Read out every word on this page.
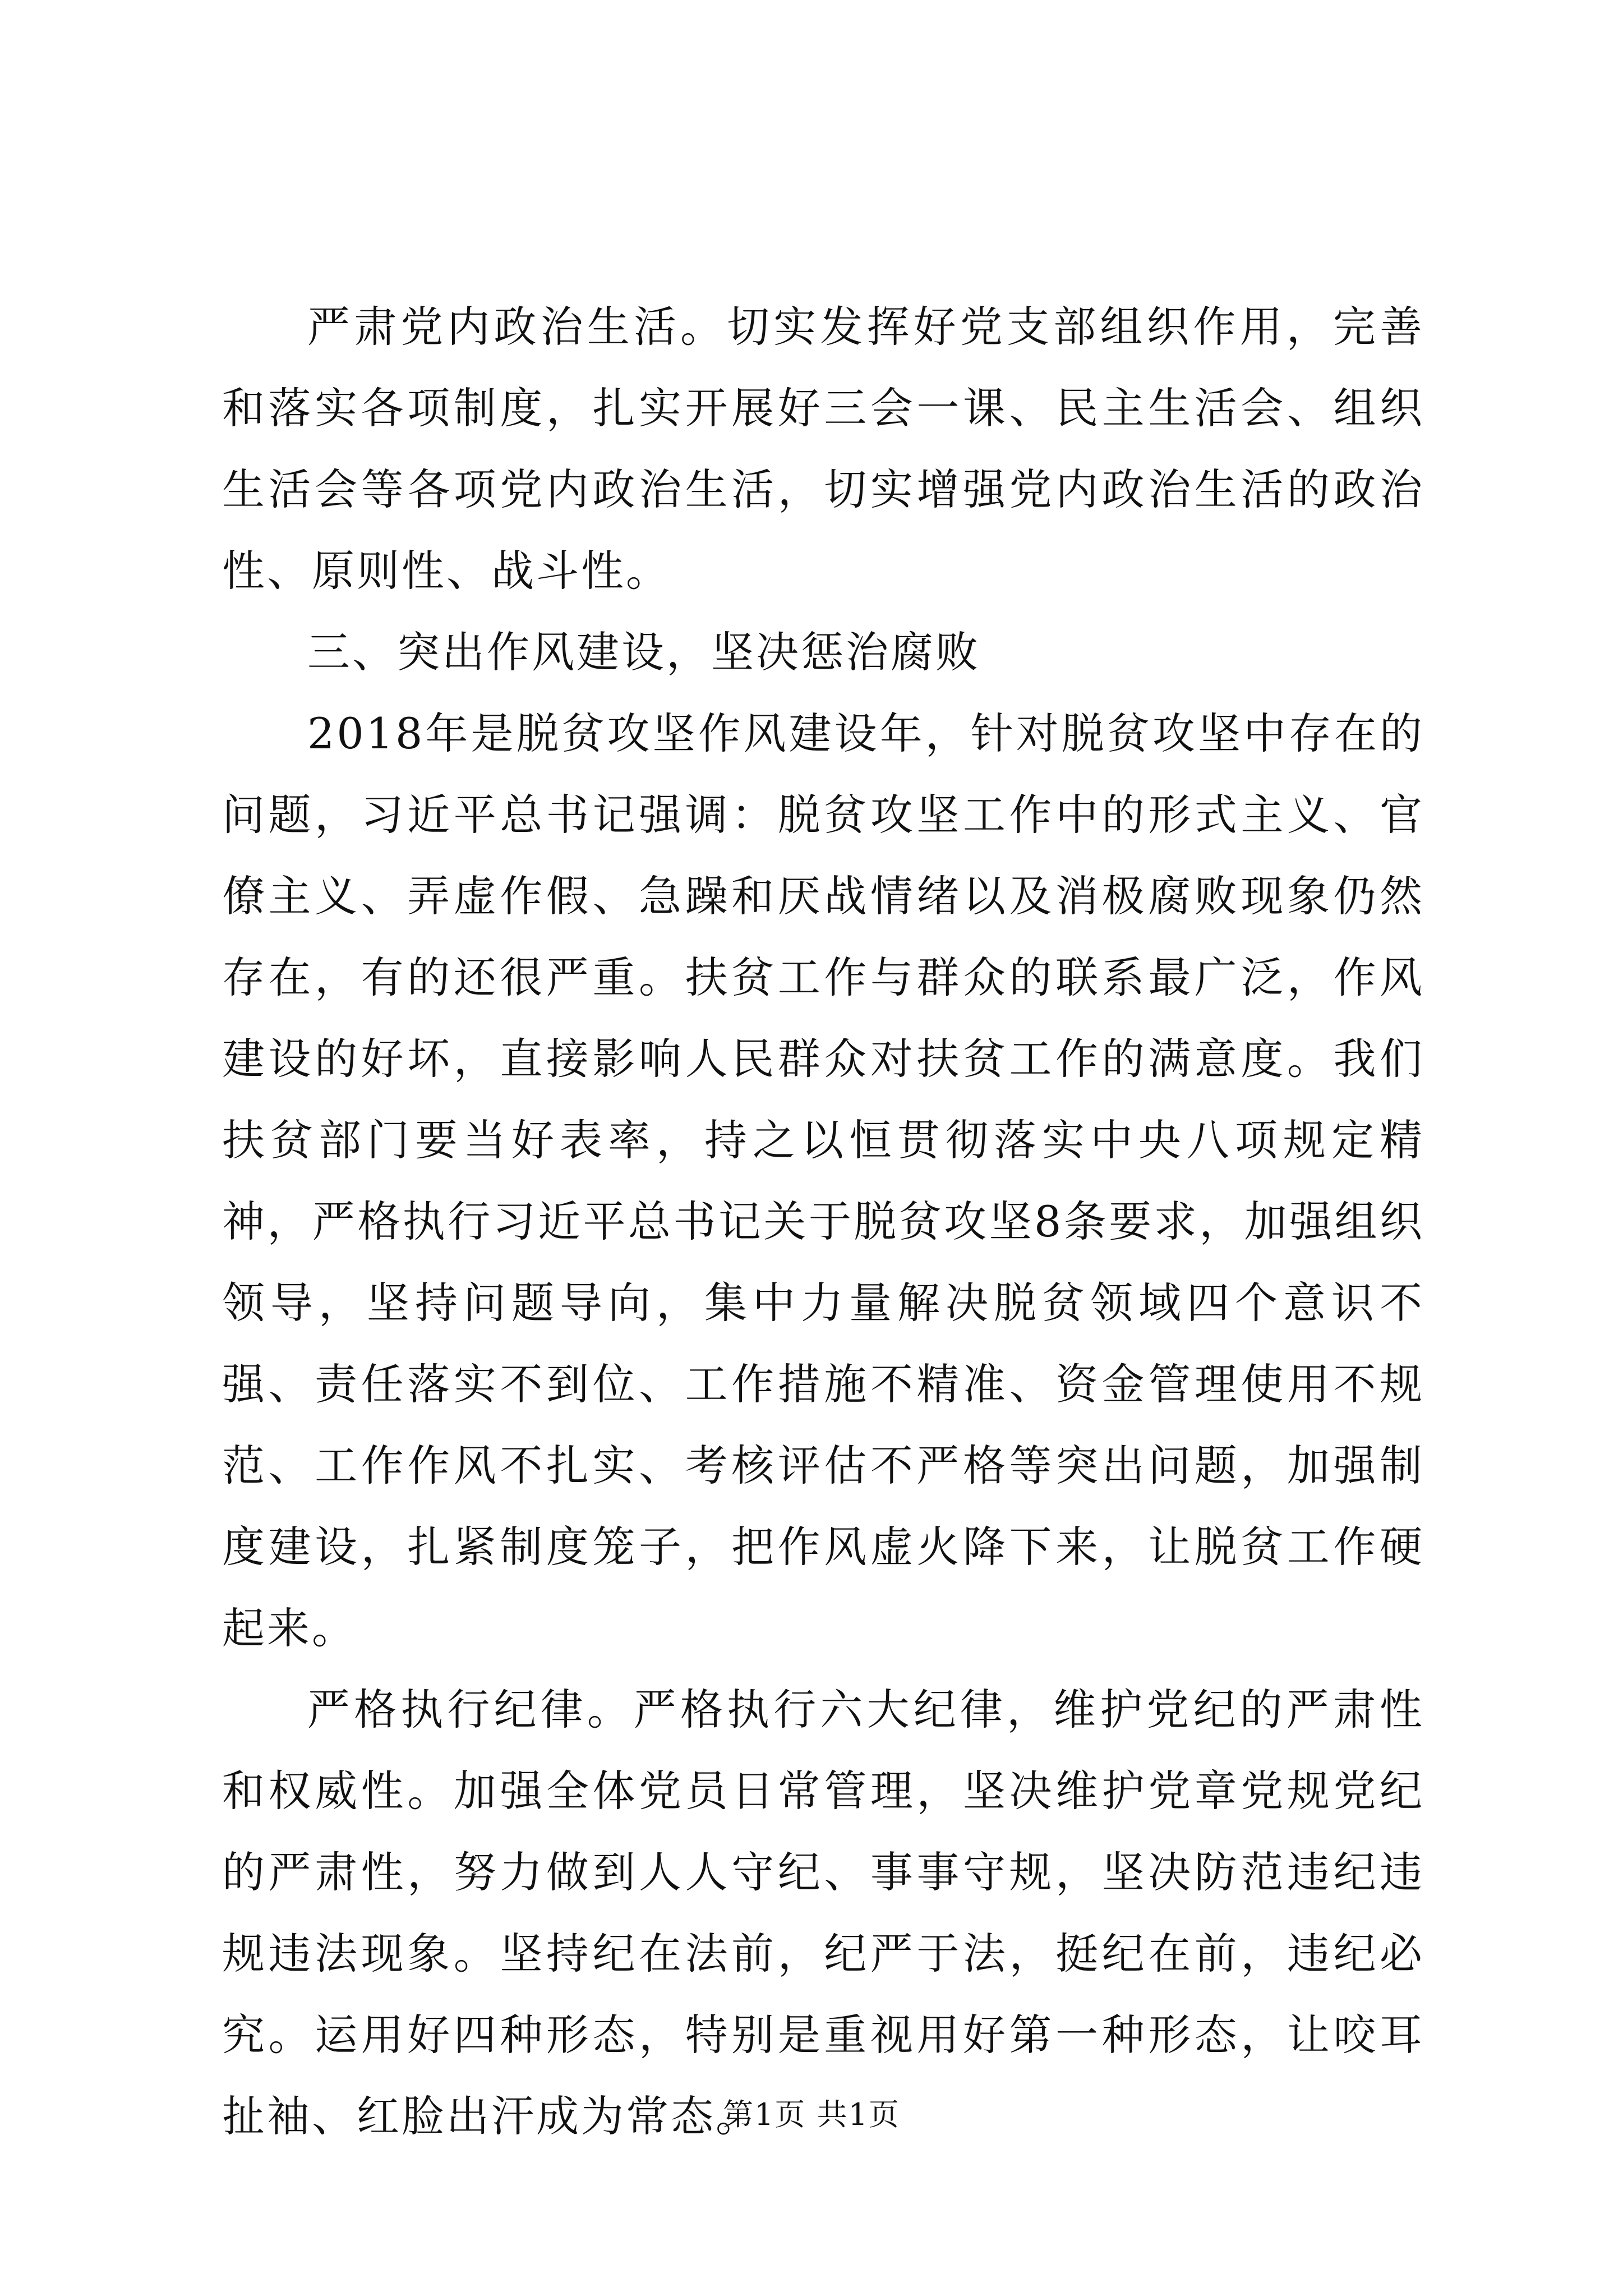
严肃党内政治生活。切实发挥好党支部组织作用，完善和落实各项制度，扎实开展好三会一课、民主生活会、组织生活会等各项党内政治生活，切实增强党内政治生活的政治性、原则性、战斗性。

三、突出作风建设，坚决惩治腐败

2018年是脱贫攻坚作风建设年，针对脱贫攻坚中存在的问题，习近平总书记强调：脱贫攻坚工作中的形式主义、官僚主义、弄虚作假、急躁和厌战情绪以及消极腐败现象仍然存在，有的还很严重。扶贫工作与群众的联系最广泛，作风建设的好坏，直接影响人民群众对扶贫工作的满意度。我们扶贫部门要当好表率，持之以恒贯彻落实中央八项规定精神，严格执行习近平总书记关于脱贫攻坚8条要求，加强组织领导，坚持问题导向，集中力量解决脱贫领域四个意识不强、责任落实不到位、工作措施不精准、资金管理使用不规范、工作作风不扎实、考核评估不严格等突出问题，加强制度建设，扎紧制度笼子，把作风虚火降下来，让脱贫工作硬起来。

严格执行纪律。严格执行六大纪律，维护党纪的严肃性和权威性。加强全体党员日常管理，坚决维护党章党规党纪的严肃性，努力做到人人守纪、事事守规，坚决防范违纪违规违法现象。坚持纪在法前，纪严于法，挺纪在前，违纪必究。运用好四种形态，特别是重视用好第一种形态，让咬耳扯袖、红脸出汗成为常态。

第1页 共1页
